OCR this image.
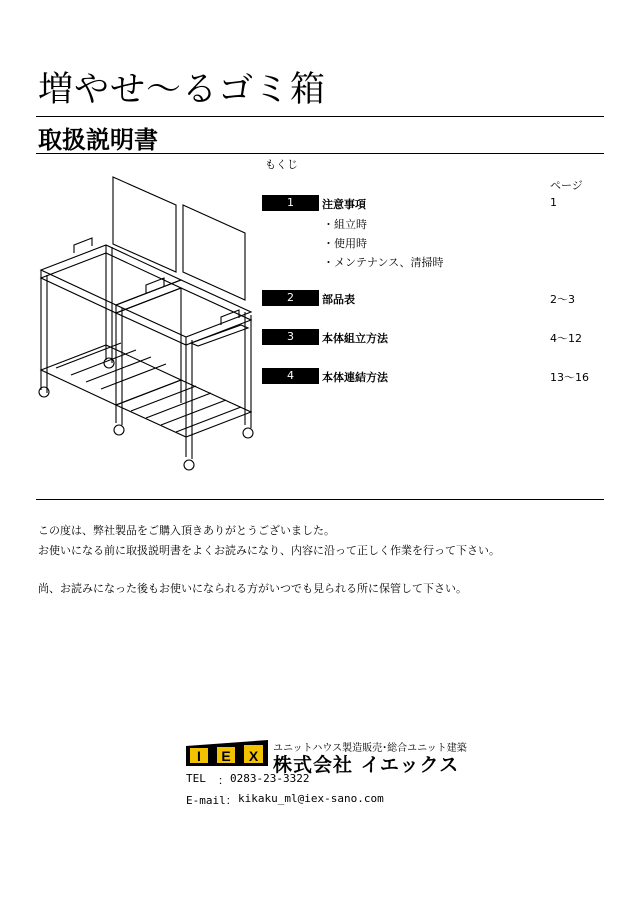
増やせ～るゴミ箱
取扱説明書
もくじ
ページ
1	注意事項	1
・組立時
・使用時
・メンテナンス、清掃時
2	部品表	2～3
3	本体組立方法	4～12
4	本体連結方法	13～16
この度は、弊社製品をご購入頂きありがとうございました。
お使いになる前に取扱説明書をよくお読みになり、内容に沿って正しく作業を行って下さい。
尚、お読みになった後もお使いになられる方がいつでも見られる所に保管して下さい。
I E X ユニットハウス製造販売･総合ユニット建築
株式会社 イエックス
TEL ： 0283-23-3322
E-mail： kikaku_ml@iex-sano.com
